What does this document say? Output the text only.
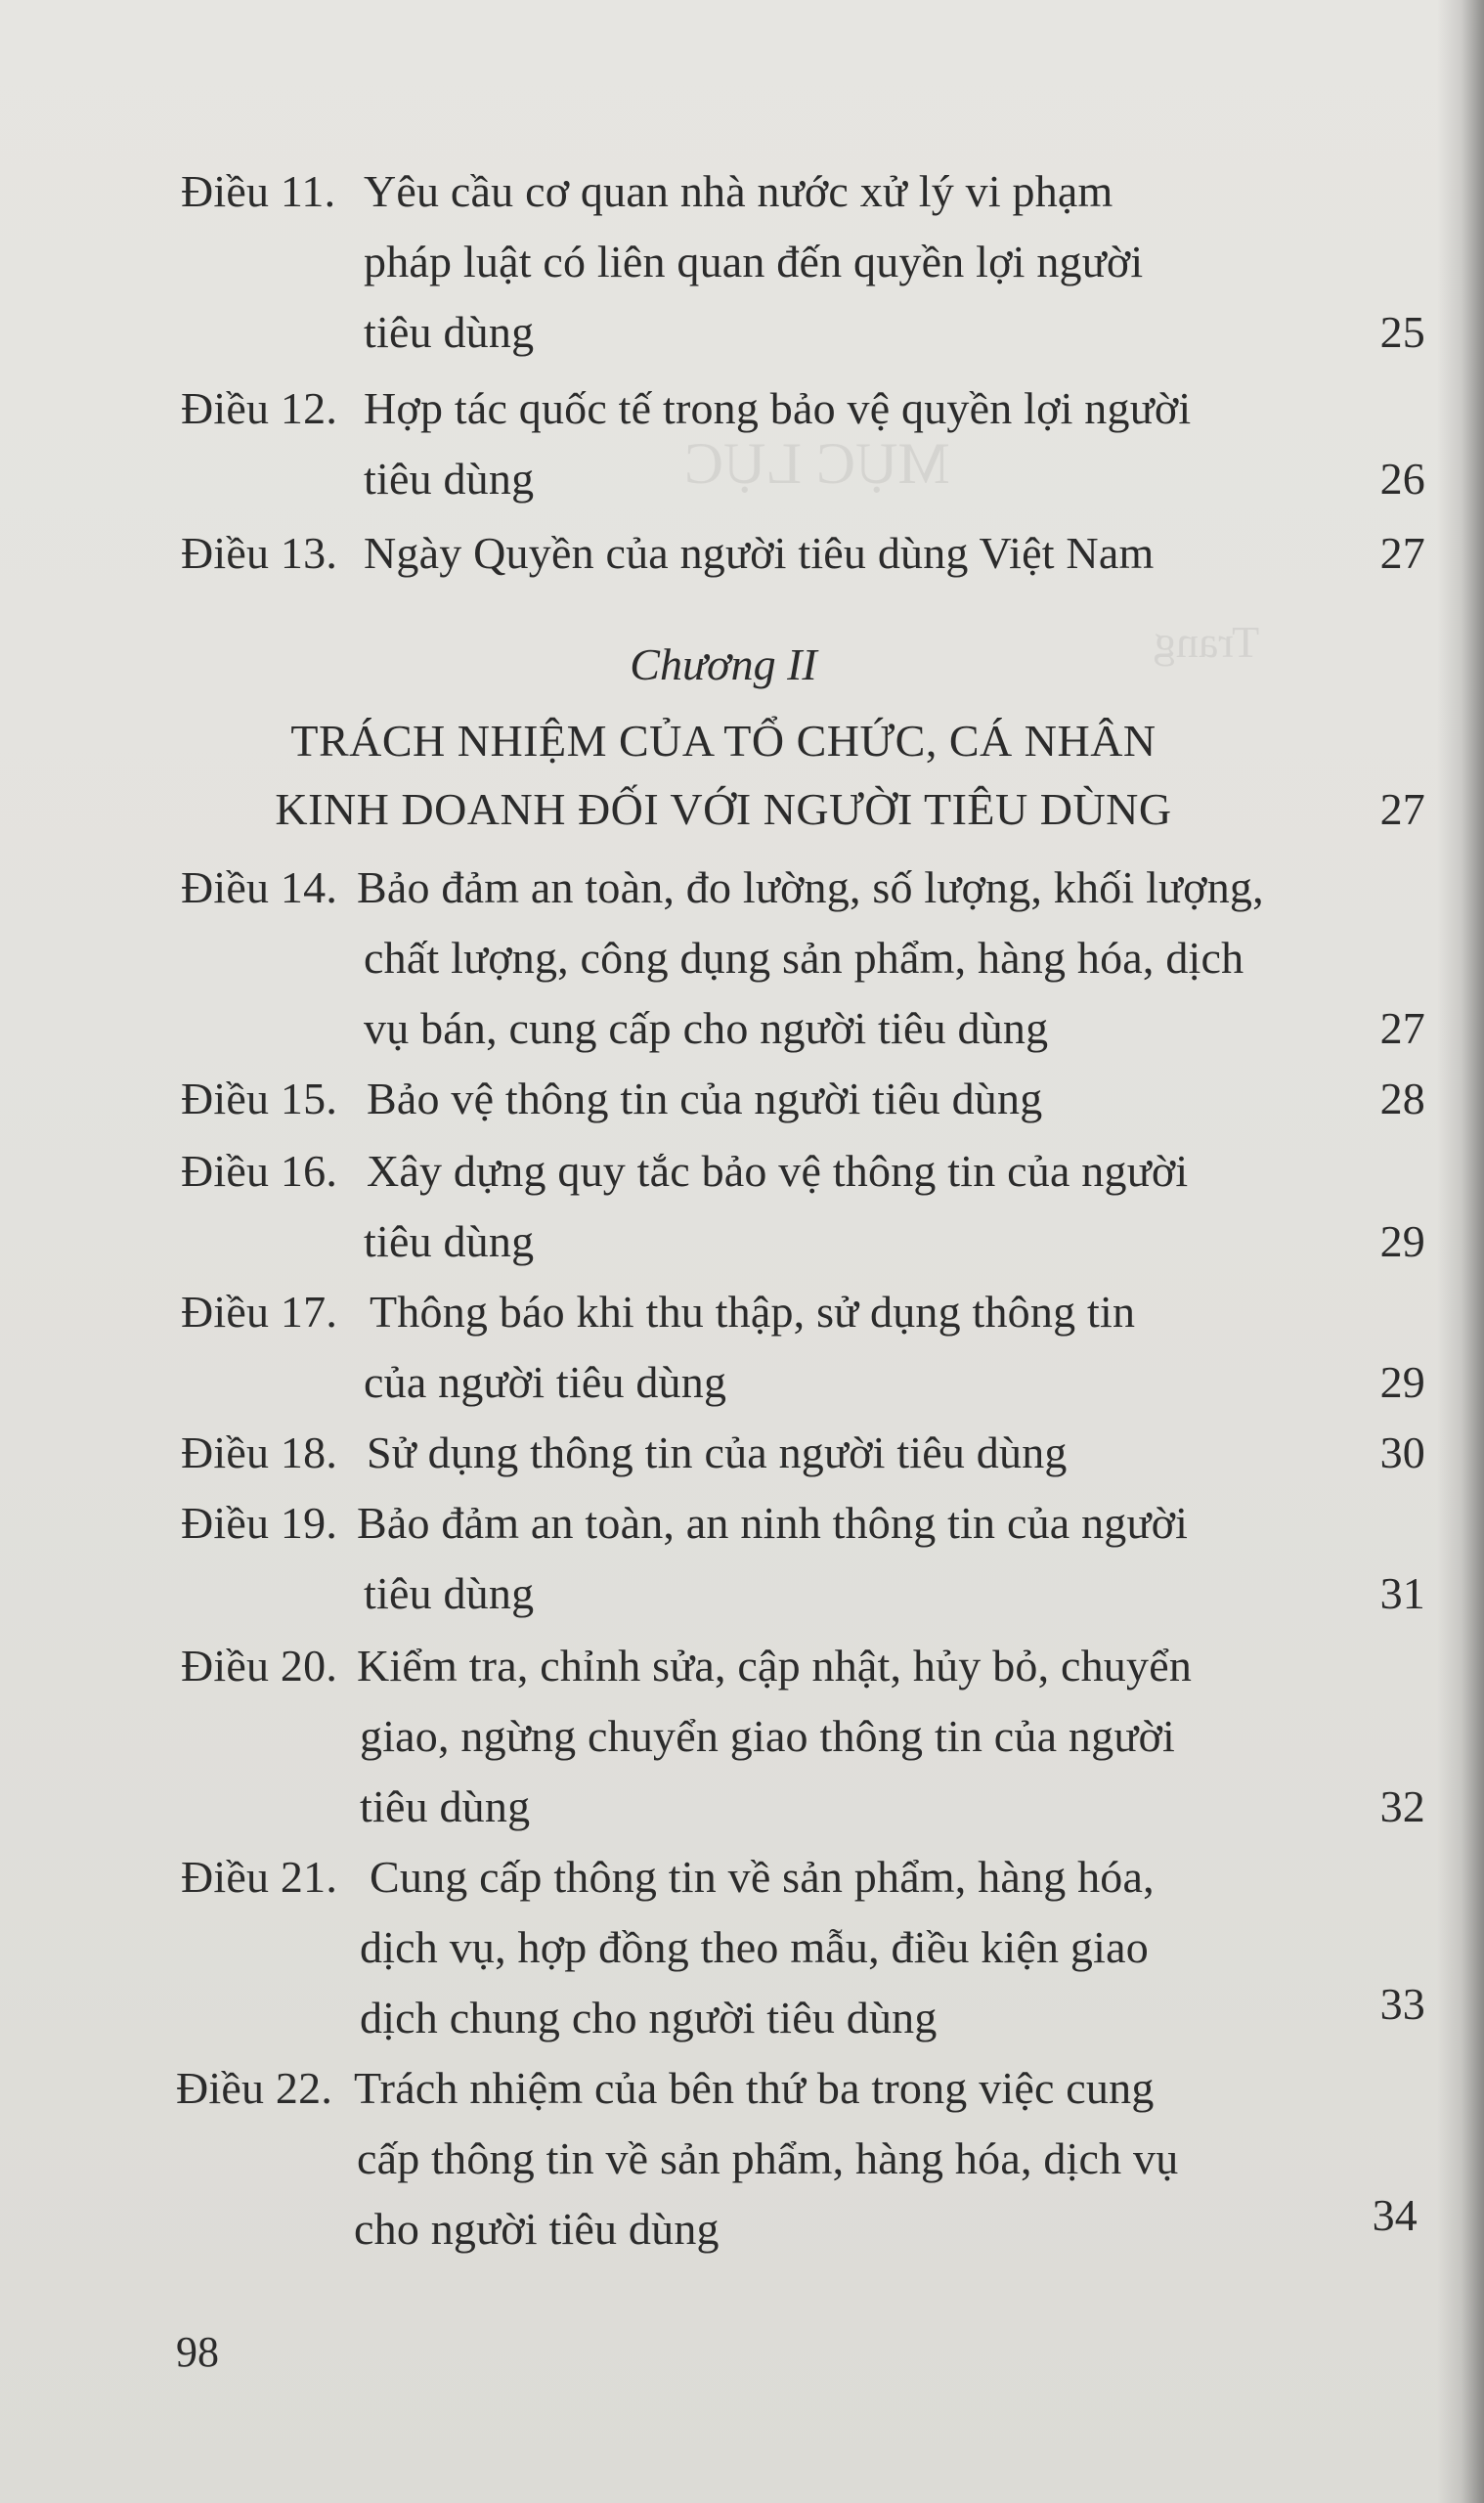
MỤC LỤC
Trang
Điều 11. Yêu cầu cơ quan nhà nước xử lý vi phạm
pháp luật có liên quan đến quyền lợi người
tiêu dùng	25
Điều 12. Hợp tác quốc tế trong bảo vệ quyền lợi người
tiêu dùng	26
Điều 13. Ngày Quyền của người tiêu dùng Việt Nam	27
Chương II
TRÁCH NHIỆM CỦA TỔ CHỨC, CÁ NHÂN
KINH DOANH ĐỐI VỚI NGƯỜI TIÊU DÙNG	27
Điều 14. Bảo đảm an toàn, đo lường, số lượng, khối lượng,
chất lượng, công dụng sản phẩm, hàng hóa, dịch
vụ bán, cung cấp cho người tiêu dùng	27
Điều 15. Bảo vệ thông tin của người tiêu dùng	28
Điều 16. Xây dựng quy tắc bảo vệ thông tin của người
tiêu dùng	29
Điều 17. Thông báo khi thu thập, sử dụng thông tin
của người tiêu dùng	29
Điều 18. Sử dụng thông tin của người tiêu dùng	30
Điều 19. Bảo đảm an toàn, an ninh thông tin của người
tiêu dùng	31
Điều 20. Kiểm tra, chỉnh sửa, cập nhật, hủy bỏ, chuyển
giao, ngừng chuyển giao thông tin của người
tiêu dùng	32
Điều 21. Cung cấp thông tin về sản phẩm, hàng hóa,
dịch vụ, hợp đồng theo mẫu, điều kiện giao
dịch chung cho người tiêu dùng	33
Điều 22. Trách nhiệm của bên thứ ba trong việc cung
cấp thông tin về sản phẩm, hàng hóa, dịch vụ
cho người tiêu dùng	34
98
